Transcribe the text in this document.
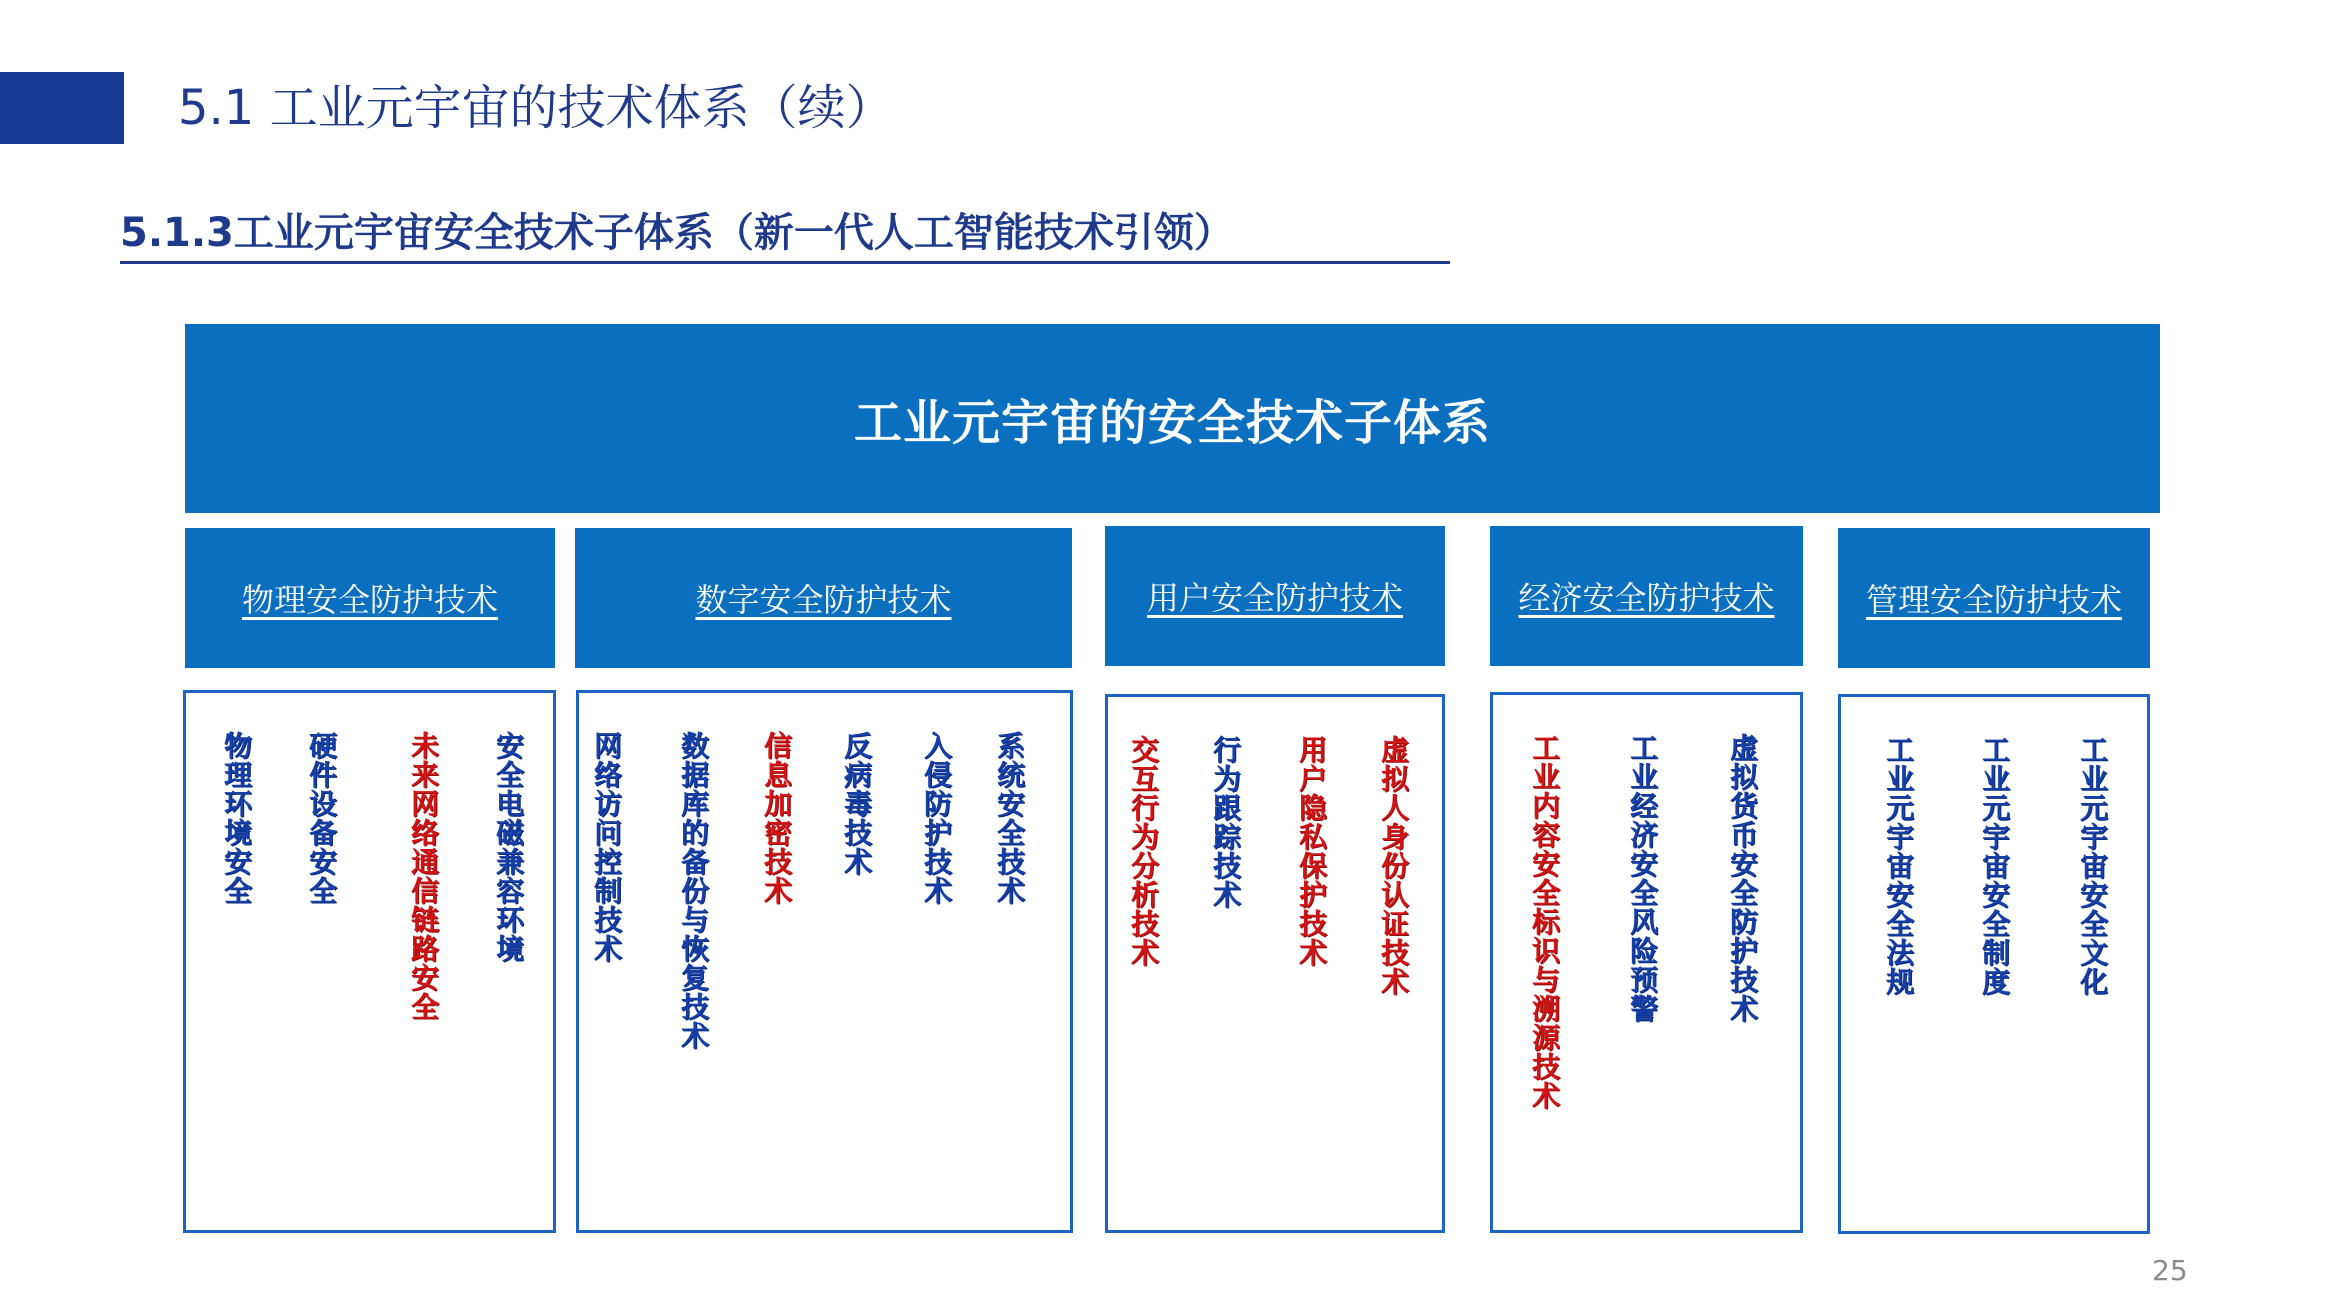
5.1 工业元宇宙的技术体系（续）
5.1.3工业元宇宙安全技术子体系（新一代人工智能技术引领）
工业元宇宙的安全技术子体系
物理安全防护技术	数字安全防护技术	用户安全防护技术	经济安全防护技术	管理安全防护技术
物理环境安全 硬件设备安全 未来网络通信链路安全 安全电磁兼容环境 网络访问控制技术 数据库的备份与恢复技术 信息加密技术 反病毒技术 入侵防护技术 系统安全技术	交互行为分析技术 行为跟踪技术 用户隐私保护技术 虚拟人身份认证技术	工业内容安全标识与溯源技术 工业经济安全风险预警 虚拟货币安全防护技术	工业元宇宙安全法规 工业元宇宙安全制度 工业元宇宙安全文化
25
